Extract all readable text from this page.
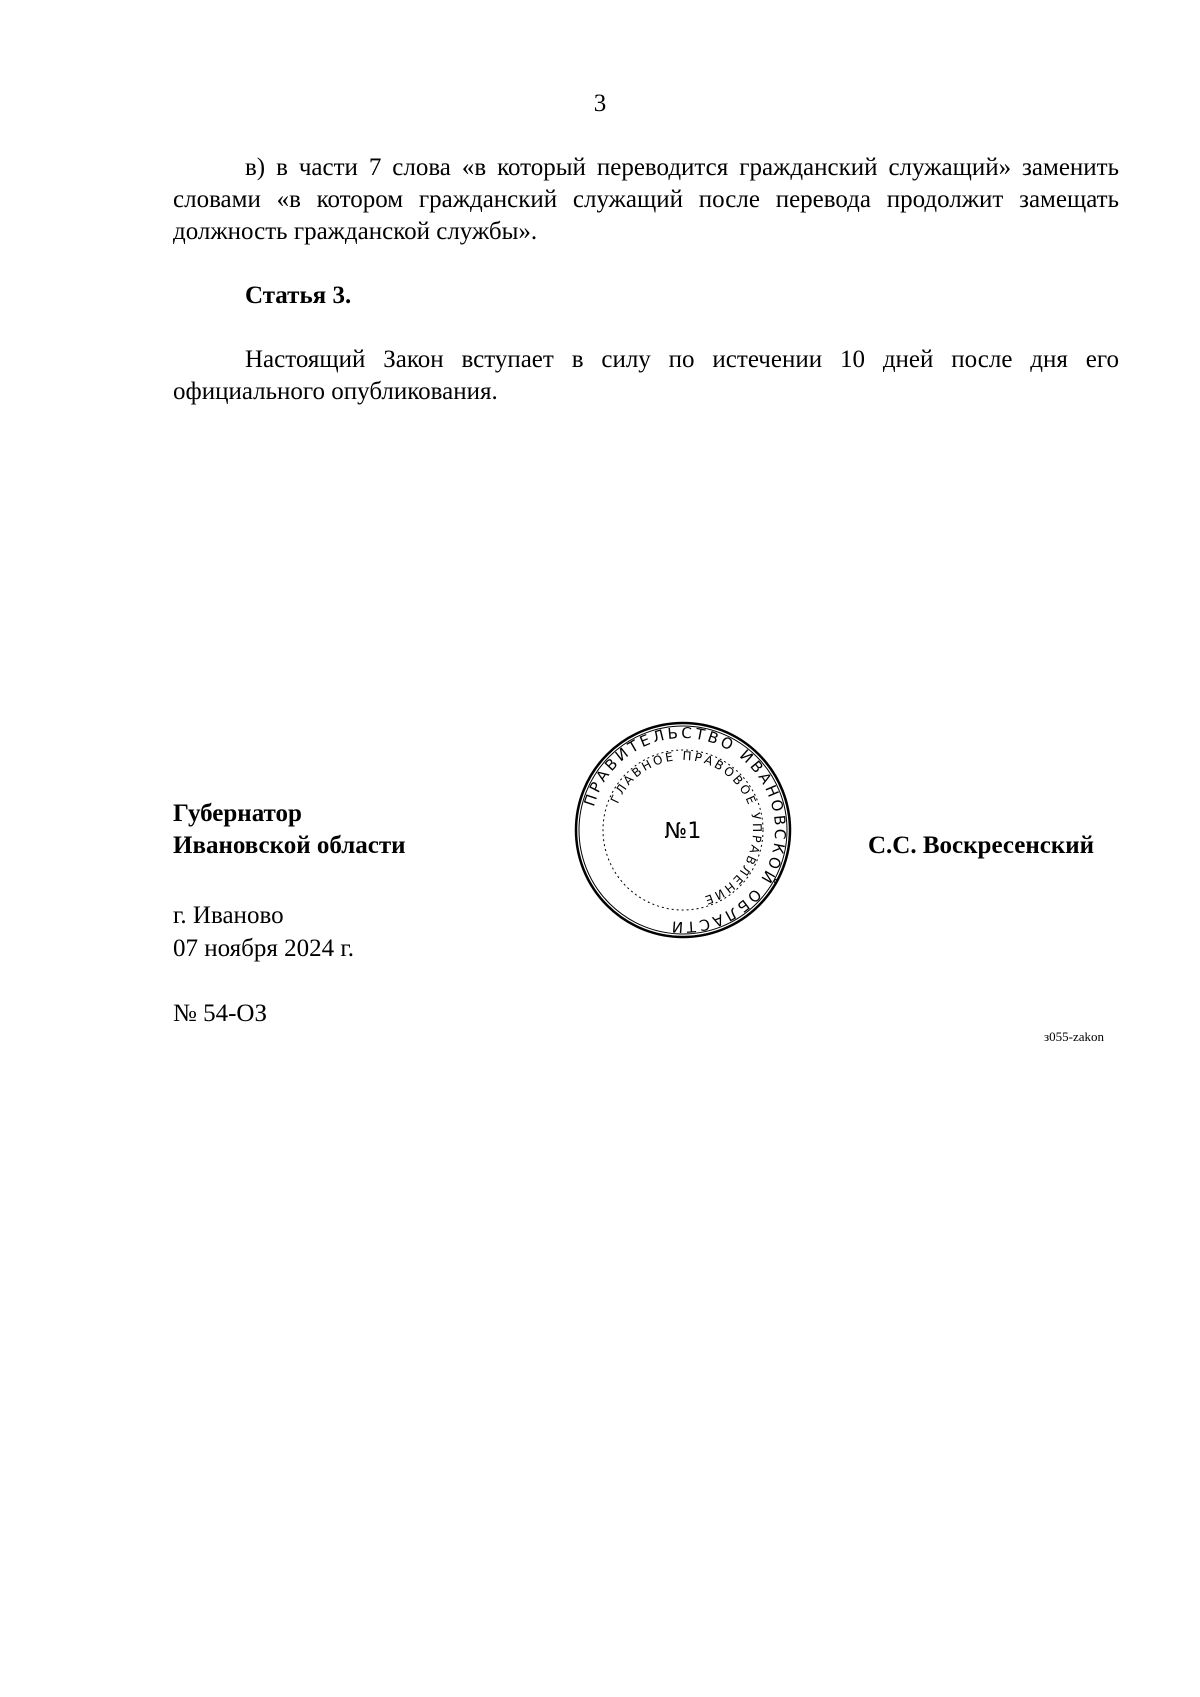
3
в) в части 7 слова «в который переводится гражданский служащий» заменить словами «в котором гражданский служащий после перевода продолжит замещать должность гражданской службы».
Статья 3.
Настоящий Закон вступает в силу по истечении 10 дней после дня его официального опубликования.
Губернатор
Ивановской области
ПРАВИТЕЛЬСТВО ИВАНОВСКОЙ ОБЛАСТИ
ГЛАВНОЕ ПРАВОВОЕ УПРАВЛЕНИЕ
№1
С.С. Воскресенский
г. Иваново
07 ноября 2024 г.
№ 54-ОЗ
з055-zakon
